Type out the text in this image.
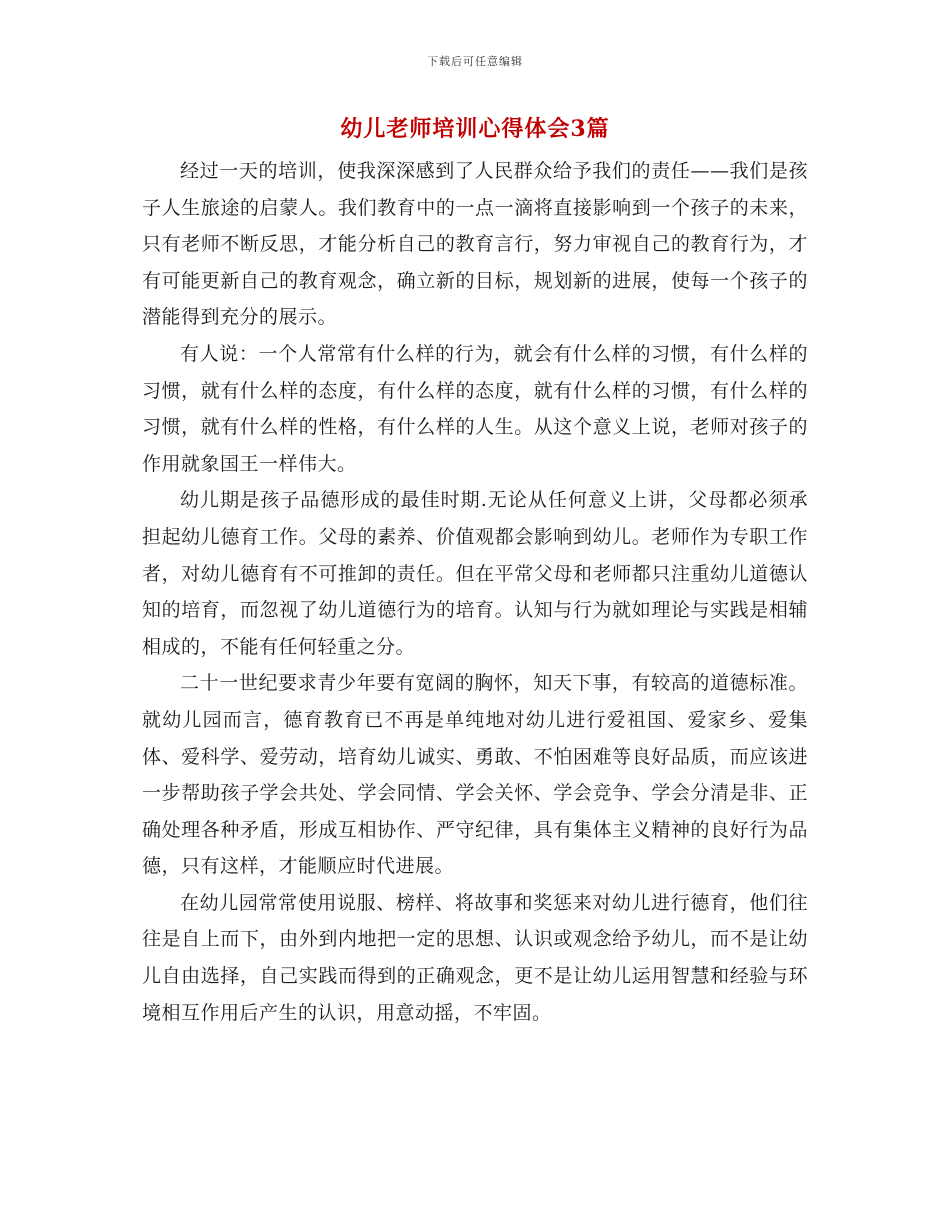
下载后可任意编辑
幼儿老师培训心得体会3篇

经过一天的培训，使我深深感到了人民群众给予我们的责任——我们是孩子人生旅途的启蒙人。我们教育中的一点一滴将直接影响到一个孩子的未来，只有老师不断反思，才能分析自己的教育言行，努力审视自己的教育行为，才有可能更新自己的教育观念，确立新的目标，规划新的进展，使每一个孩子的潜能得到充分的展示。

有人说：一个人常常有什么样的行为，就会有什么样的习惯，有什么样的习惯，就有什么样的态度，有什么样的态度，就有什么样的习惯，有什么样的习惯，就有什么样的性格，有什么样的人生。从这个意义上说，老师对孩子的作用就象国王一样伟大。

幼儿期是孩子品德形成的最佳时期.无论从任何意义上讲，父母都必须承担起幼儿德育工作。父母的素养、价值观都会影响到幼儿。老师作为专职工作者，对幼儿德育有不可推卸的责任。但在平常父母和老师都只注重幼儿道德认知的培育，而忽视了幼儿道德行为的培育。认知与行为就如理论与实践是相辅相成的，不能有任何轻重之分。

二十一世纪要求青少年要有宽阔的胸怀，知天下事，有较高的道德标准。就幼儿园而言，德育教育已不再是单纯地对幼儿进行爱祖国、爱家乡、爱集体、爱科学、爱劳动，培育幼儿诚实、勇敢、不怕困难等良好品质，而应该进一步帮助孩子学会共处、学会同情、学会关怀、学会竞争、学会分清是非、正确处理各种矛盾，形成互相协作、严守纪律，具有集体主义精神的良好行为品德，只有这样，才能顺应时代进展。

在幼儿园常常使用说服、榜样、将故事和奖惩来对幼儿进行德育，他们往往是自上而下，由外到内地把一定的思想、认识或观念给予幼儿，而不是让幼儿自由选择，自己实践而得到的正确观念，更不是让幼儿运用智慧和经验与环境相互作用后产生的认识，用意动摇，不牢固。
